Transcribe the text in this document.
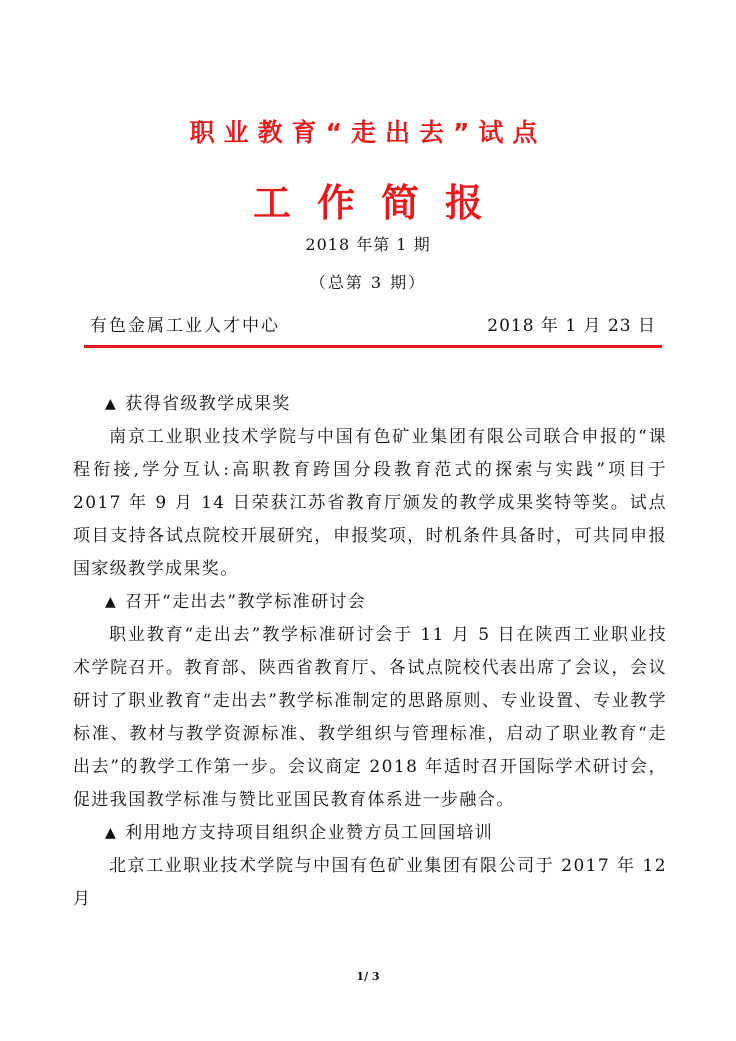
职业教育“走出去”试点
工作简报
2018 年第 1 期
（总第 3 期）
有色金属工业人才中心	2018 年 1 月 23 日

▲ 获得省级教学成果奖

南京工业职业技术学院与中国有色矿业集团有限公司联合申报的“课程衔接,学分互认:高职教育跨国分段教育范式的探索与实践”项目于 2017 年 9 月 14 日荣获江苏省教育厅颁发的教学成果奖特等奖。试点项目支持各试点院校开展研究，申报奖项，时机条件具备时，可共同申报国家级教学成果奖。

▲ 召开“走出去”教学标准研讨会

职业教育“走出去”教学标准研讨会于 11 月 5 日在陕西工业职业技术学院召开。教育部、陕西省教育厅、各试点院校代表出席了会议，会议研讨了职业教育“走出去”教学标准制定的思路原则、专业设置、专业教学标准、教材与教学资源标准、教学组织与管理标准，启动了职业教育“走出去”的教学工作第一步。会议商定 2018 年适时召开国际学术研讨会，促进我国教学标准与赞比亚国民教育体系进一步融合。

▲ 利用地方支持项目组织企业赞方员工回国培训

北京工业职业技术学院与中国有色矿业集团有限公司于 2017 年 12 月

1/ 3
